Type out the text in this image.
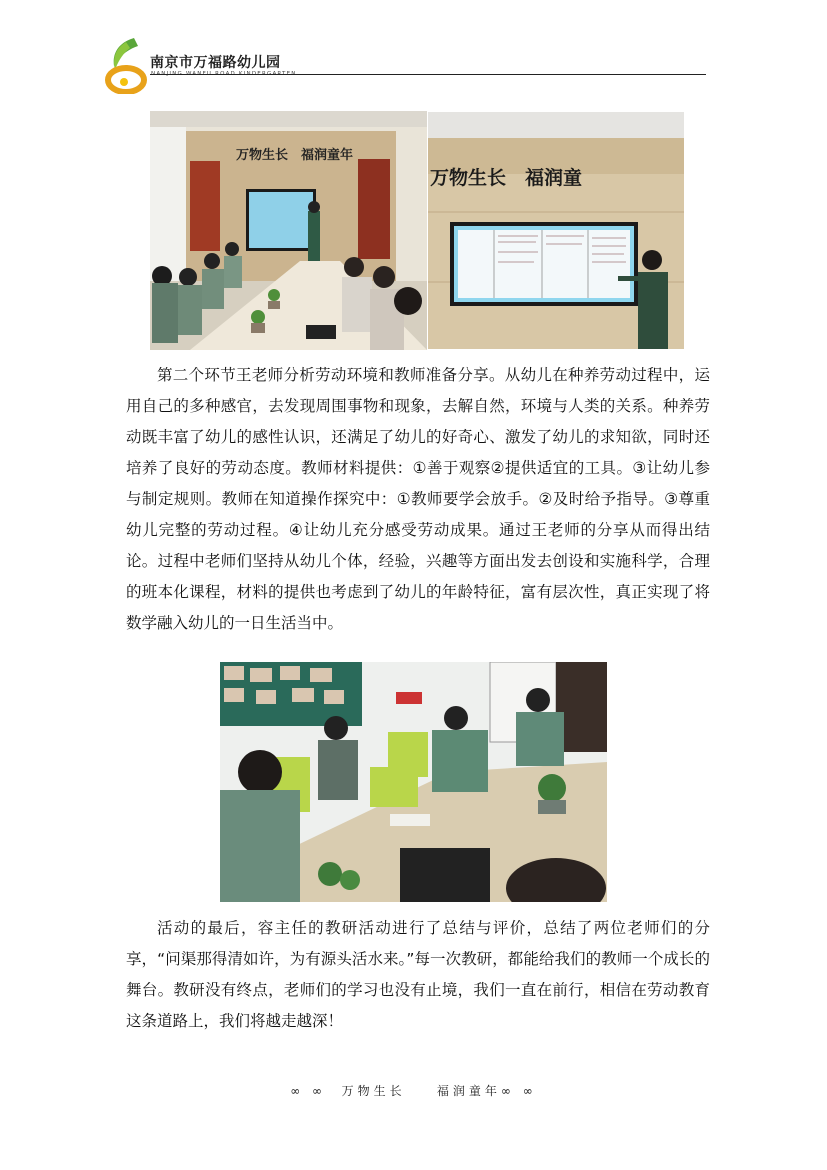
南京市万福路幼儿园
NANJING WANFU ROAD KINDERGARTEN
万物生长　福润童年
万物生长　福润童

第二个环节王老师分析劳动环境和教师准备分享。从幼儿在种养劳动过程中，运用自己的多种感官，去发现周围事物和现象，去解自然，环境与人类的关系。种养劳动既丰富了幼儿的感性认识，还满足了幼儿的好奇心、激发了幼儿的求知欲，同时还培养了良好的劳动态度。教师材料提供：①善于观察②提供适宜的工具。③让幼儿参与制定规则。教师在知道操作探究中：①教师要学会放手。②及时给予指导。③尊重幼儿完整的劳动过程。④让幼儿充分感受劳动成果。通过王老师的分享从而得出结论。过程中老师们坚持从幼儿个体，经验，兴趣等方面出发去创设和实施科学，合理的班本化课程，材料的提供也考虑到了幼儿的年龄特征，富有层次性，真正实现了将数学融入幼儿的一日生活当中。

活动的最后，容主任的教研活动进行了总结与评价，总结了两位老师们的分享，“问渠那得清如许，为有源头活水来。”每一次教研，都能给我们的教师一个成长的舞台。教研没有终点，老师们的学习也没有止境，我们一直在前行，相信在劳动教育这条道路上，我们将越走越深！

∞ ∞  万物生长    福润童年∞ ∞
